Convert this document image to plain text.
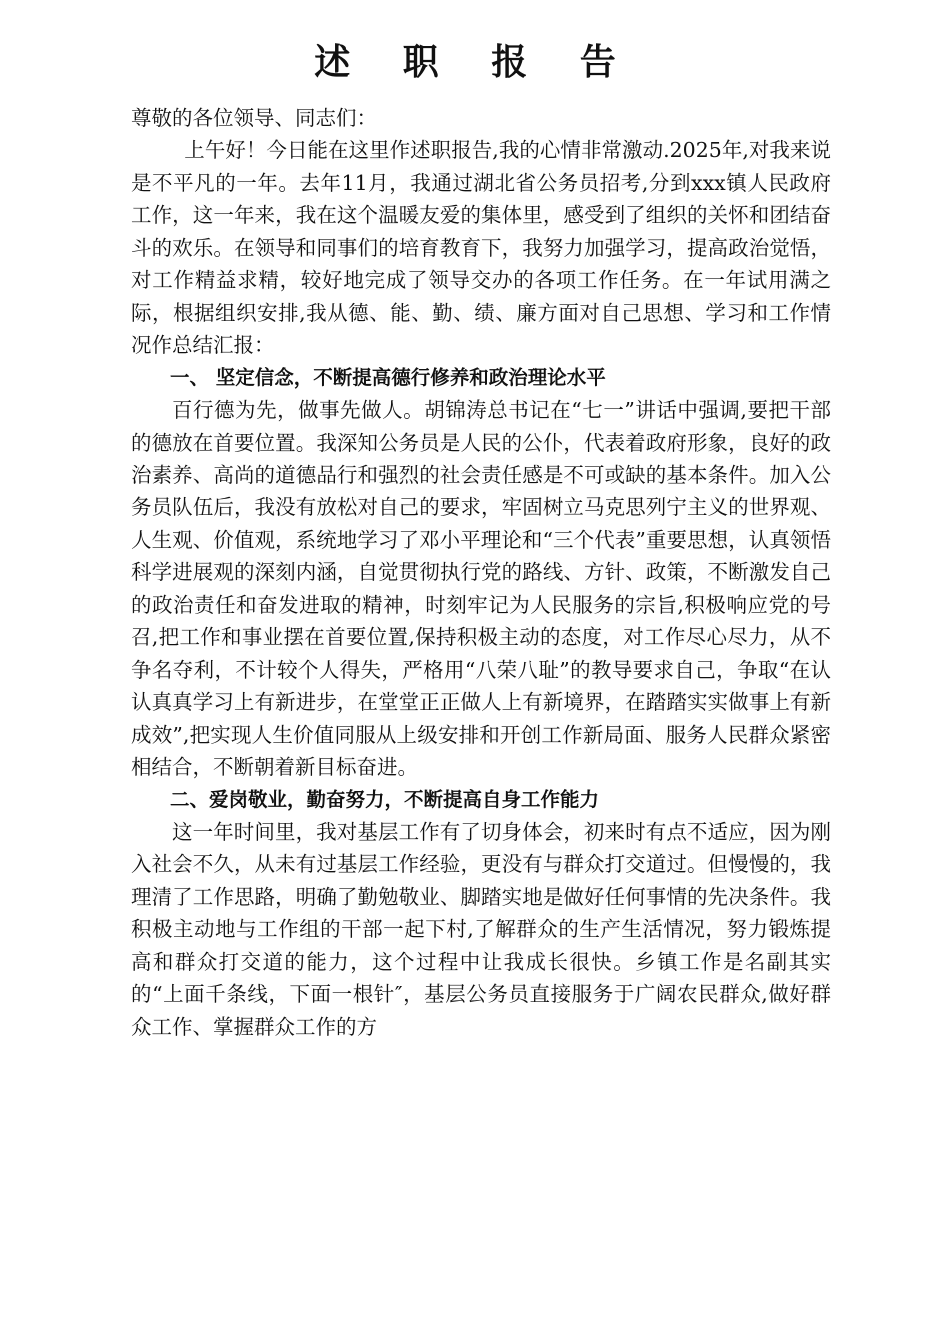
述 职 报 告

尊敬的各位领导、同志们：

上午好！今日能在这里作述职报告,我的心情非常激动.2025年,对我来说是不平凡的一年。去年11月，我通过湖北省公务员招考,分到xxx镇人民政府工作，这一年来，我在这个温暖友爱的集体里，感受到了组织的关怀和团结奋斗的欢乐。在领导和同事们的培育教育下，我努力加强学习，提高政治觉悟，对工作精益求精，较好地完成了领导交办的各项工作任务。在一年试用满之际，根据组织安排,我从德、能、勤、绩、廉方面对自己思想、学习和工作情况作总结汇报：

一、 坚定信念，不断提高德行修养和政治理论水平

百行德为先，做事先做人。胡锦涛总书记在“七一”讲话中强调,要把干部的德放在首要位置。我深知公务员是人民的公仆，代表着政府形象，良好的政治素养、高尚的道德品行和强烈的社会责任感是不可或缺的基本条件。加入公务员队伍后，我没有放松对自己的要求，牢固树立马克思列宁主义的世界观、人生观、价值观，系统地学习了邓小平理论和“三个代表”重要思想，认真领悟科学进展观的深刻内涵，自觉贯彻执行党的路线、方针、政策，不断激发自己的政治责任和奋发进取的精神，时刻牢记为人民服务的宗旨,积极响应党的号召,把工作和事业摆在首要位置,保持积极主动的态度，对工作尽心尽力，从不争名夺利，不计较个人得失，严格用“八荣八耻”的教导要求自己，争取“在认认真真学习上有新进步，在堂堂正正做人上有新境界，在踏踏实实做事上有新成效”,把实现人生价值同服从上级安排和开创工作新局面、服务人民群众紧密相结合，不断朝着新目标奋进。

二、爱岗敬业，勤奋努力，不断提高自身工作能力

这一年时间里，我对基层工作有了切身体会，初来时有点不适应，因为刚入社会不久，从未有过基层工作经验，更没有与群众打交道过。但慢慢的，我理清了工作思路，明确了勤勉敬业、脚踏实地是做好任何事情的先决条件。我积极主动地与工作组的干部一起下村,了解群众的生产生活情况，努力锻炼提高和群众打交道的能力，这个过程中让我成长很快。乡镇工作是名副其实的“上面千条线，下面一根针″，基层公务员直接服务于广阔农民群众,做好群众工作、掌握群众工作的方
